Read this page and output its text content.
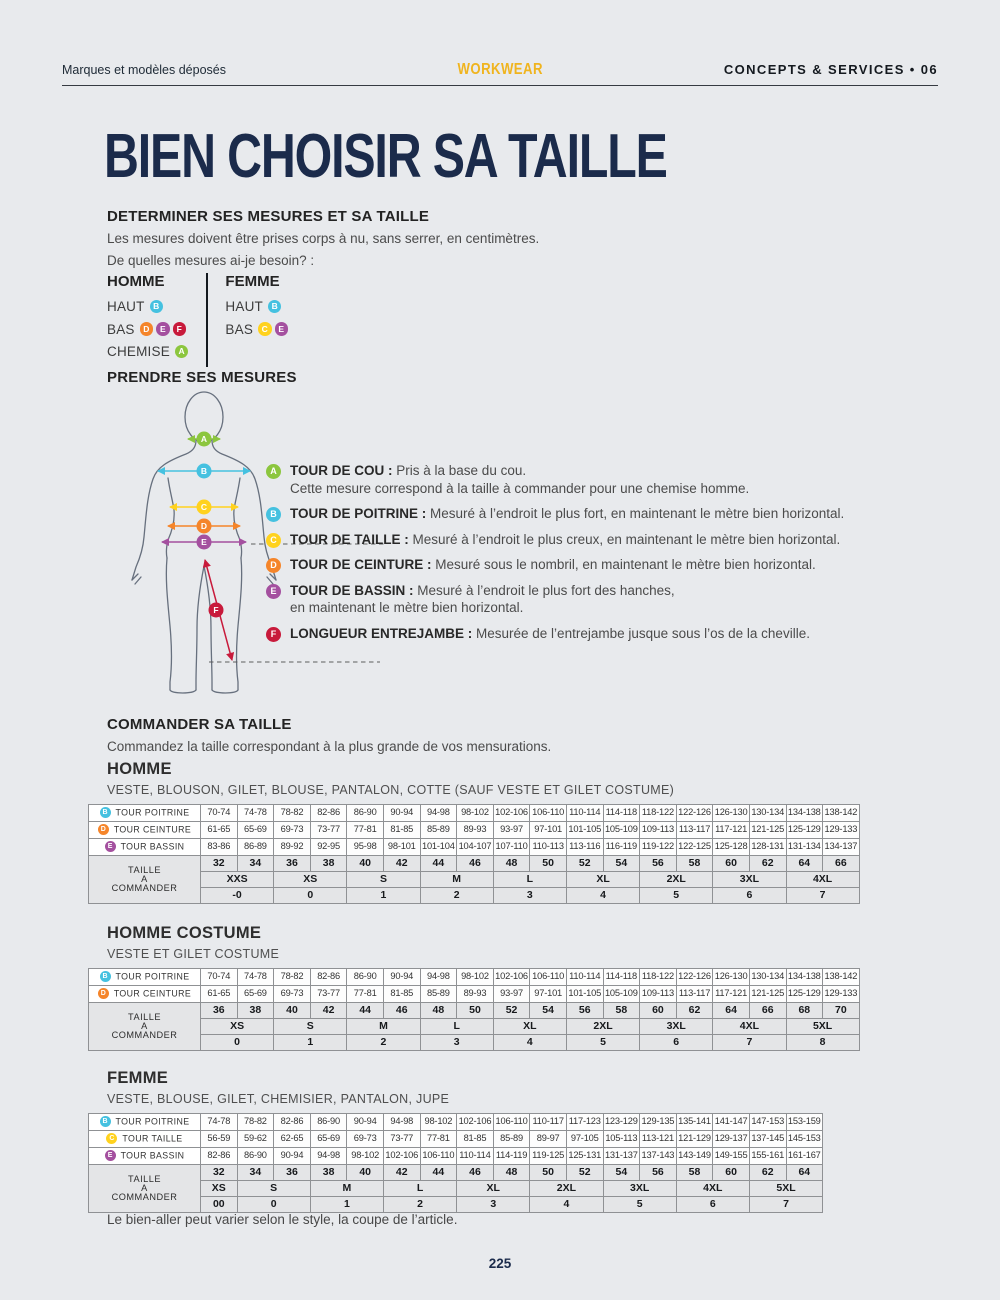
Marques et modèles déposés	WORKWEAR	CONCEPTS & SERVICES • 06
BIEN CHOISIR SA TAILLE
DETERMINER SES MESURES ET SA TAILLE
Les mesures doivent être prises corps à nu, sans serrer, en centimètres.
De quelles mesures ai-je besoin? :
HOMME
HAUT	B
BAS	D	E	F
CHEMISE	A
FEMME
HAUT	B
BAS	C	E
PRENDRE SES MESURES
A
B
C
D
E
F
A TOUR DE COU : Pris à la base du cou.
Cette mesure correspond à la taille à commander pour une chemise homme.
B TOUR DE POITRINE : Mesuré à l’endroit le plus fort, en maintenant le mètre bien horizontal.
C TOUR DE TAILLE : Mesuré à l’endroit le plus creux, en maintenant le mètre bien horizontal.
D TOUR DE CEINTURE : Mesuré sous le nombril, en maintenant le mètre bien horizontal.
E	TOUR DE BASSIN : Mesuré à l’endroit le plus fort des hanches,
en maintenant le mètre bien horizontal.
F	LONGUEUR ENTREJAMBE : Mesurée de l’entrejambe jusque sous l’os de la cheville.
COMMANDER SA TAILLE
Commandez la taille correspondant à la plus grande de vos mensurations.
HOMME
VESTE, BLOUSON, GILET, BLOUSE, PANTALON, COTTE (SAUF VESTE ET GILET COSTUME)
B TOUR POITRINE	70-74	74-78	78-82	82-86	86-90	90-94	94-98	98-102	102-106	106-110	110-114	114-118	118-122	122-126	126-130	130-134	134-138	138-142
D TOUR CEINTURE	61-65	65-69	69-73	73-77	77-81	81-85	85-89	89-93	93-97	97-101	101-105	105-109	109-113	113-117	117-121	121-125	125-129	129-133
E TOUR BASSIN	83-86	86-89	89-92	92-95	95-98	98-101	101-104	104-107	107-110	110-113	113-116	116-119	119-122	122-125	125-128	128-131	131-134	134-137

TAILLE
A
COMMANDER	32	34	36	38	40	42	44	46	48	50	52	54	56	58	60	62	64	66
	XXS		XS		S		M		L		XL		2XL		3XL		4XL	
	-0		0		1		2		3		4		5		6		7	
HOMME COSTUME
VESTE ET GILET COSTUME
B TOUR POITRINE	70-74	74-78	78-82	82-86	86-90	90-94	94-98	98-102	102-106	106-110	110-114	114-118	118-122	122-126	126-130	130-134	134-138	138-142
D TOUR CEINTURE	61-65	65-69	69-73	73-77	77-81	81-85	85-89	89-93	93-97	97-101	101-105	105-109	109-113	113-117	117-121	121-125	125-129	129-133

TAILLE
A
COMMANDER	36	38	40	42	44	46	48	50	52	54	56	58	60	62	64	66	68	70
	XS		S		M		L		XL		2XL		3XL		4XL		5XL	
	0		1		2		3		4		5		6		7		8	
FEMME
VESTE, BLOUSE, GILET, CHEMISIER, PANTALON, JUPE
B TOUR POITRINE	74-78	78-82	82-86	86-90	90-94	94-98	98-102	102-106	106-110	110-117	117-123	123-129	129-135	135-141	141-147	147-153	153-159
C TOUR TAILLE	56-59	59-62	62-65	65-69	69-73	73-77	77-81	81-85	85-89	89-97	97-105	105-113	113-121	121-129	129-137	137-145	145-153
E TOUR BASSIN	82-86	86-90	90-94	94-98	98-102	102-106	106-110	110-114	114-119	119-125	125-131	131-137	137-143	143-149	149-155	155-161	161-167

TAILLE
A
COMMANDER	32	34	36	38	40	42	44	46	48	50	52	54	56	58	60	62	64
	XS	S		M		L		XL		2XL		3XL		4XL		5XL	
	00	0		1		2		3		4		5		6		7	
Le bien-aller peut varier selon le style, la coupe de l’article.
225
